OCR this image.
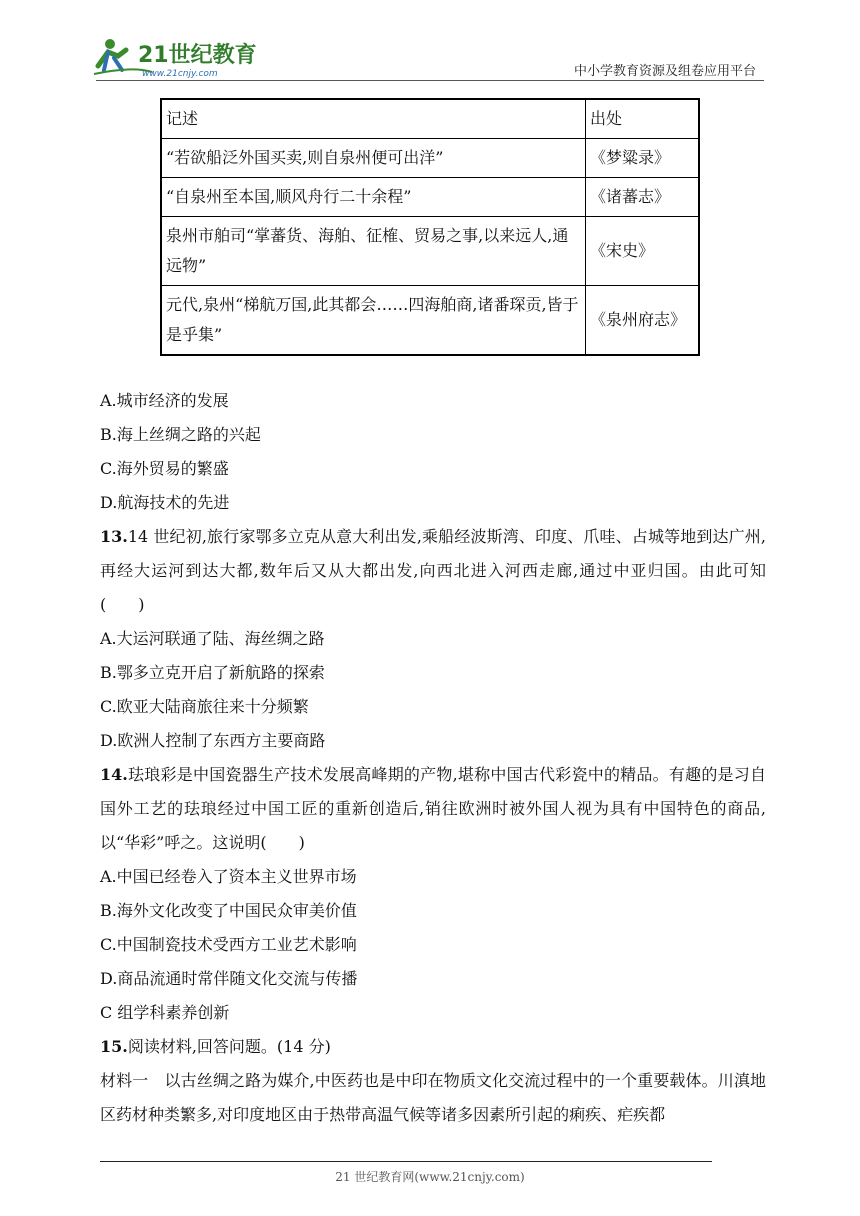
21世纪教育
www.21cnjy.com	中小学教育资源及组卷应用平台
记述	出处
“若欲船泛外国买卖,则自泉州便可出洋”	《梦粱录》
“自泉州至本国,顺风舟行二十余程”	《诸蕃志》
泉州市舶司“掌蕃货、海舶、征榷、贸易之事,以来远人,通远物”	《宋史》
元代,泉州“梯航万国,此其都会……四海舶商,诸番琛贡,皆于是乎集”	《泉州府志》

A.城市经济的发展

B.海上丝绸之路的兴起

C.海外贸易的繁盛

D.航海技术的先进

13.14 世纪初,旅行家鄂多立克从意大利出发,乘船经波斯湾、印度、爪哇、占城等地到达广州,再经大运河到达大都,数年后又从大都出发,向西北进入河西走廊,通过中亚归国。由此可知(　　)

A.大运河联通了陆、海丝绸之路

B.鄂多立克开启了新航路的探索

C.欧亚大陆商旅往来十分频繁

D.欧洲人控制了东西方主要商路

14.珐琅彩是中国瓷器生产技术发展高峰期的产物,堪称中国古代彩瓷中的精品。有趣的是习自国外工艺的珐琅经过中国工匠的重新创造后,销往欧洲时被外国人视为具有中国特色的商品,以“华彩”呼之。这说明(　　)

A.中国已经卷入了资本主义世界市场

B.海外文化改变了中国民众审美价值

C.中国制瓷技术受西方工业艺术影响

D.商品流通时常伴随文化交流与传播

C 组学科素养创新

15.阅读材料,回答问题。(14 分)

材料一　 以古丝绸之路为媒介,中医药也是中印在物质文化交流过程中的一个重要载体。川滇地区药材种类繁多,对印度地区由于热带高温气候等诸多因素所引起的痢疾、疟疾都

21 世纪教育网(www.21cnjy.com)
